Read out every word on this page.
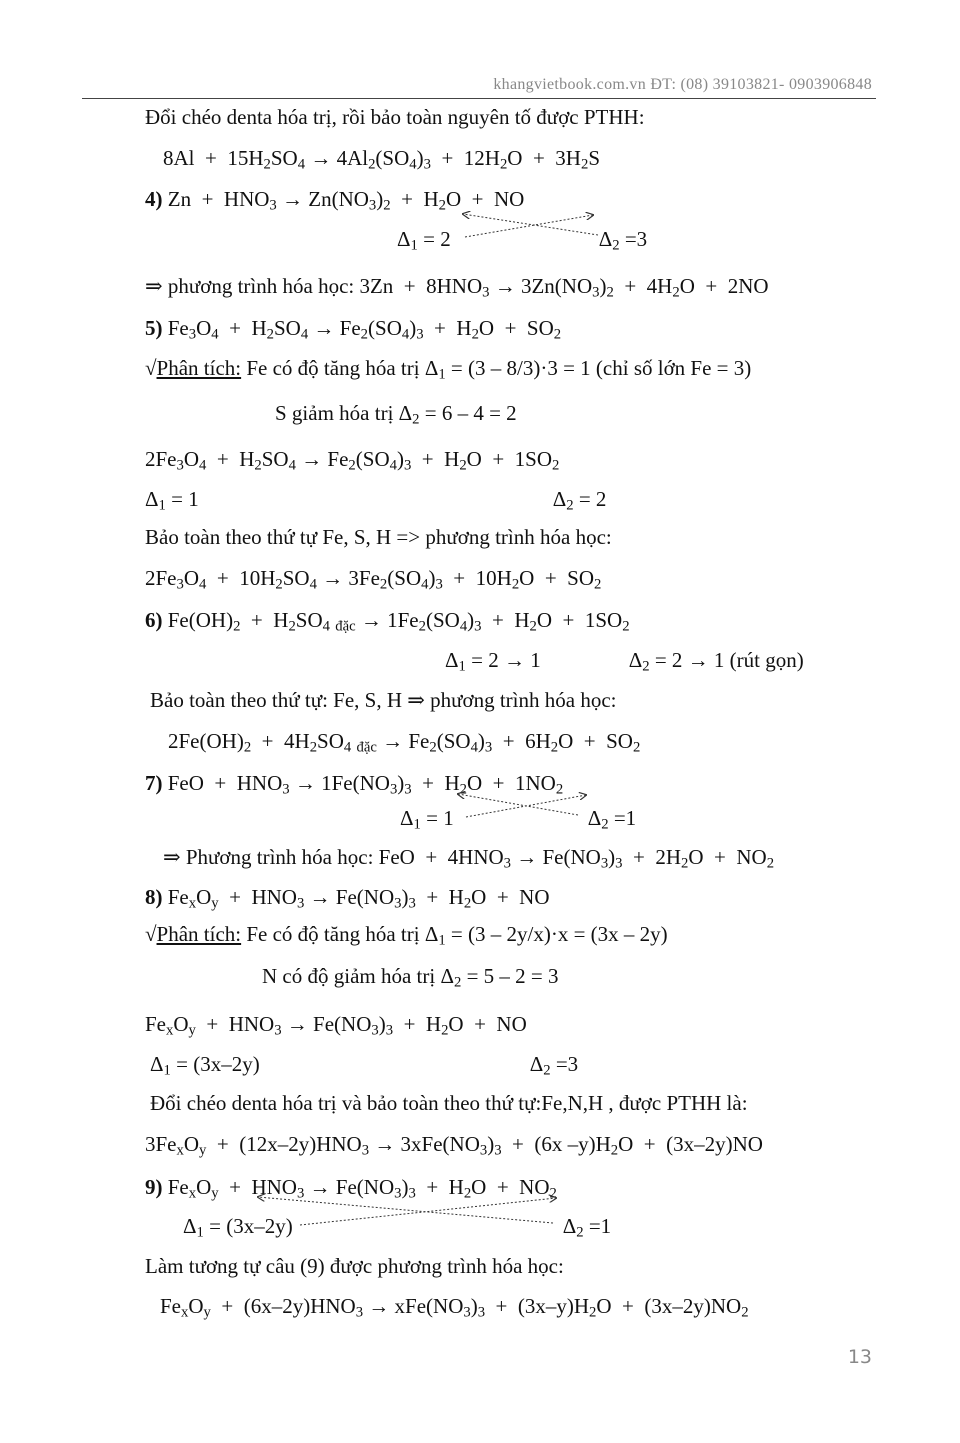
khangvietbook.com.vn ĐT: (08) 39103821- 0903906848
Đổi chéo denta hóa trị, rồi bảo toàn nguyên tố được PTHH:
$8Al + 15H_2SO_4 \to 4Al_2(SO_4)_3 + 12H_2O + 3H_2S$
4) $Zn + HNO_3 \to Zn(NO_3)_2 + H_2O$  +  NO
$\Delta_1 = 2$	$\Delta_2 =3$
⇒ phương trình hóa học: $3Zn + 8HNO_3 \to 3Zn(NO_3)_2 + 4H_2O + 2NO$
5) $Fe_3O_4 + H_2SO_4 \to Fe_2(SO_4)_3 + H_2O + SO_2$
√Phân tích: Fe có độ tăng hóa trị $\Delta_1 = (3 - 8/3)\cdot 3 = 1$ (chỉ số lớn Fe = 3)
S giảm hóa trị $\Delta_2 = 6 - 4 = 2$
$2Fe_3O_4 + H_2SO_4 \to Fe_2(SO_4)_3 + H_2O + 1SO_2$
$\Delta_1 = 1$	$\Delta_2 = 2$
Bảo toàn theo thứ tự Fe, S, H => phương trình hóa học:
$2Fe_3O_4 + 10H_2SO_4 \to 3Fe_2(SO_4)_3 + 10H_2O + SO_2$
6) $Fe(OH)_2 + H_2SO_4$ đặc → $1Fe_2(SO_4)_3 + H_2O + 1SO_2$
$\Delta_1 = 2 \to 1$	$\Delta_2 = 2 \to 1$ (rút gọn)
Bảo toàn theo thứ tự: Fe, S, H ⇒ phương trình hóa học:
$2Fe(OH)_2 + 4H_2SO_4$ đặc → $Fe_2(SO_4)_3 + 6H_2O + SO_2$
7) FeO  +  $HNO_3 \to 1Fe(NO_3)_3 + H_2O + 1NO_2$
$\Delta_1 = 1$	$\Delta_2 =1$
⇒ Phương trình hóa học: FeO  +  $4HNO_3 \to Fe(NO_3)_3 + 2H_2O + NO_2$
8) $Fe_xO_y + HNO_3 \to Fe(NO_3)_3 + H_2O$  +  NO
√Phân tích: Fe có độ tăng hóa trị $\Delta_1 = (3 - 2y/x)\cdot x = (3x - 2y)$
N có độ giảm hóa trị $\Delta_2 = 5 - 2 = 3$
$Fe_xO_y + HNO_3 \to Fe(NO_3)_3 + H_2O$  +  NO
$\Delta_1 = (3x-2y)$	$\Delta_2 =3$
Đổi chéo denta hóa trị và bảo toàn theo thứ tự:Fe,N,H , được PTHH là:
$3Fe_xO_y + (12x-2y)HNO_3 \to 3xFe(NO_3)_3 + (6x$ $-y)H_2O + (3x-2y)NO$
9) $Fe_xO_y + HNO_3 \to Fe(NO_3)_3 + H_2O + NO_2$
$\Delta_1 = (3x-2y)$	$\Delta_2 =1$
Làm tương tự câu (9) được phương trình hóa học:
$Fe_xO_y + (6x-2y)HNO_3 \to xFe(NO_3)_3 + (3x-y)H_2O + (3x-2y)NO_2$
13
